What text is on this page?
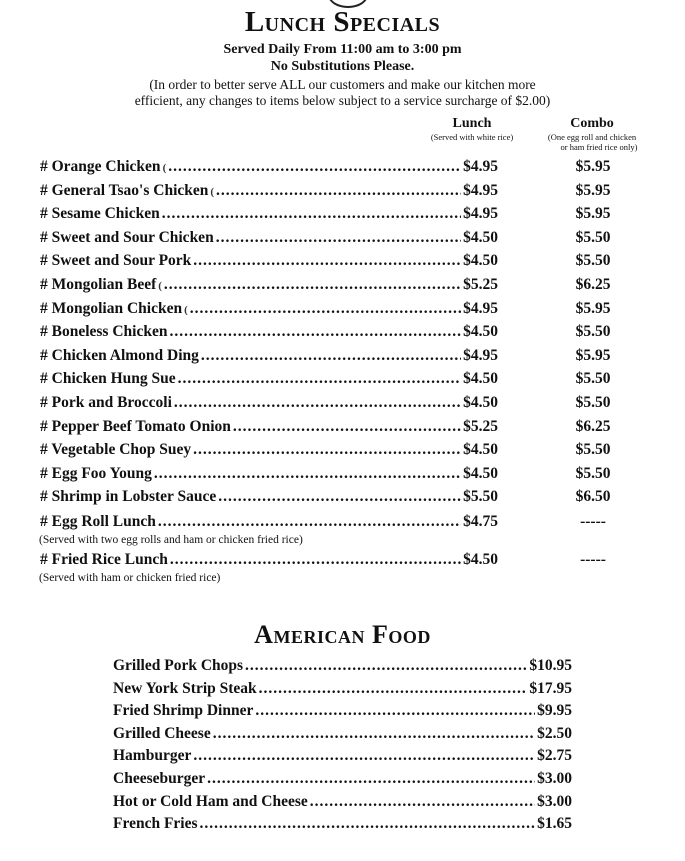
Lunch Specials
Served Daily From 11:00 am to 3:00 pm
No Substitutions Please.
(In order to better serve ALL our customers and make our kitchen more
efficient, any changes to items below subject to a service surcharge of $2.00)
Lunch
(Served with white rice)
Combo
(One egg roll and chicken
or ham fried rice only)
# Orange Chicken ( .....	$4.95	$5.95
# General Tsao's Chicken ( .....	$4.95	$5.95
# Sesame Chicken .....	$4.95	$5.95
# Sweet and Sour Chicken .....	$4.50	$5.50
# Sweet and Sour Pork .....	$4.50	$5.50
# Mongolian Beef ( .....	$5.25	$6.25
# Mongolian Chicken ( .....	$4.95	$5.95
# Boneless Chicken .....	$4.50	$5.50
# Chicken Almond Ding .....	$4.95	$5.95
# Chicken Hung Sue .....	$4.50	$5.50
# Pork and Broccoli .....	$4.50	$5.50
# Pepper Beef Tomato Onion .....	$5.25	$6.25
# Vegetable Chop Suey .....	$4.50	$5.50
# Egg Foo Young .....	$4.50	$5.50
# Shrimp in Lobster Sauce .....	$5.50	$6.50
# Egg Roll Lunch .....	$4.75	-----
(Served with two egg rolls and ham or chicken fried rice)
# Fried Rice Lunch .....	$4.50	-----
(Served with ham or chicken fried rice)
American Food
Grilled Pork Chops .....	$10.95
New York Strip Steak .....	$17.95
Fried Shrimp Dinner .....	$9.95
Grilled Cheese .....	$2.50
Hamburger .....	$2.75
Cheeseburger .....	$3.00
Hot or Cold Ham and Cheese .....	$3.00
French Fries .....	$1.65
